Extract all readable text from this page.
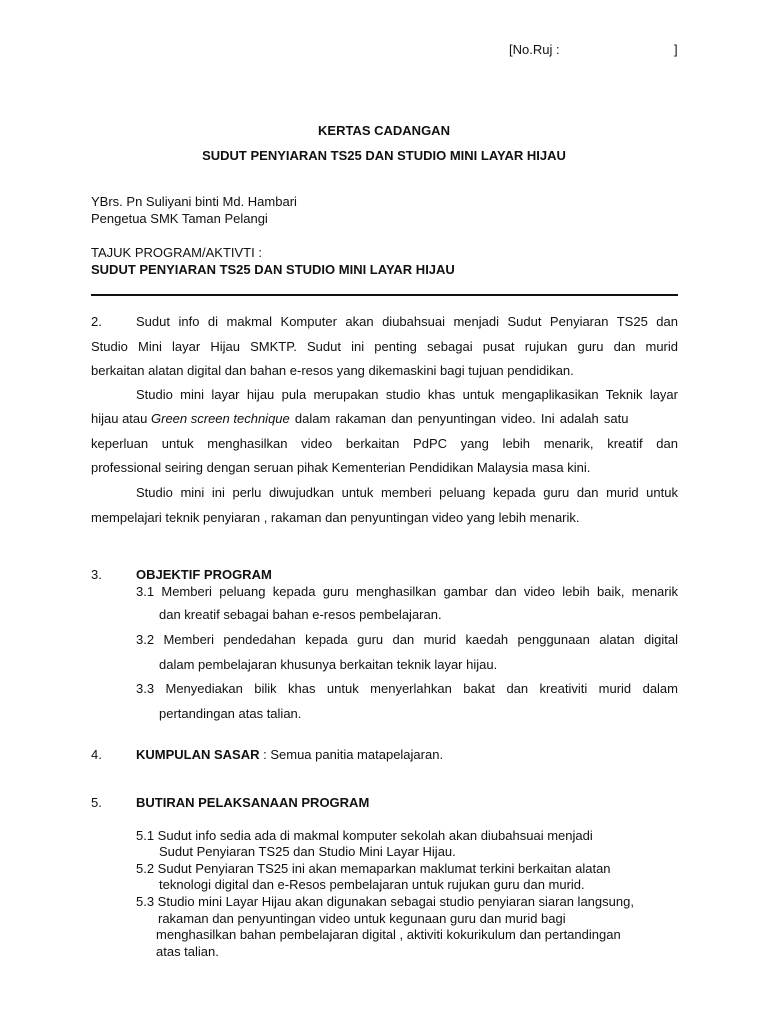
[No.Ruj :	]
KERTAS CADANGAN
SUDUT PENYIARAN TS25 DAN STUDIO MINI LAYAR HIJAU
YBrs. Pn Suliyani binti Md. Hambari
Pengetua SMK Taman Pelangi
TAJUK PROGRAM/AKTIVTI :
SUDUT PENYIARAN TS25 DAN STUDIO MINI LAYAR HIJAU
2.	Sudut info di makmal Komputer akan diubahsuai menjadi Sudut Penyiaran TS25 dan
Studio Mini layar Hijau SMKTP. Sudut ini penting sebagai pusat rujukan guru dan murid
berkaitan alatan digital dan bahan e-resos yang dikemaskini bagi tujuan pendidikan.
Studio mini layar hijau pula merupakan studio khas untuk mengaplikasikan Teknik layar
hijau atau Green screen technique dalam rakaman dan penyuntingan video. Ini adalah satu
keperluan untuk menghasilkan video berkaitan PdPC yang lebih menarik, kreatif dan
professional seiring dengan seruan pihak Kementerian Pendidikan Malaysia masa kini.
Studio mini ini perlu diwujudkan untuk memberi peluang kepada guru dan murid untuk
mempelajari teknik penyiaran , rakaman dan penyuntingan video yang lebih menarik.
3.	OBJEKTIF PROGRAM
3.1 Memberi peluang kepada guru menghasilkan gambar dan video lebih baik, menarik
dan kreatif sebagai bahan e-resos pembelajaran.
3.2 Memberi pendedahan kepada guru dan murid kaedah penggunaan alatan digital
dalam pembelajaran khusunya berkaitan teknik layar hijau.
3.3 Menyediakan bilik khas untuk menyerlahkan bakat dan kreativiti murid dalam
pertandingan atas talian.
4.	KUMPULAN SASAR : Semua panitia matapelajaran.
5.	BUTIRAN PELAKSANAAN PROGRAM
5.1 Sudut info sedia ada di makmal komputer sekolah akan diubahsuai menjadi
Sudut Penyiaran TS25 dan Studio Mini Layar Hijau.
5.2 Sudut Penyiaran TS25 ini akan memaparkan maklumat terkini berkaitan alatan
teknologi digital dan e-Resos pembelajaran untuk rujukan guru dan murid.
5.3 Studio mini Layar Hijau akan digunakan sebagai studio penyiaran siaran langsung,
rakaman dan penyuntingan video untuk kegunaan guru dan murid bagi
menghasilkan bahan pembelajaran digital , aktiviti kokurikulum dan pertandingan
atas talian.
